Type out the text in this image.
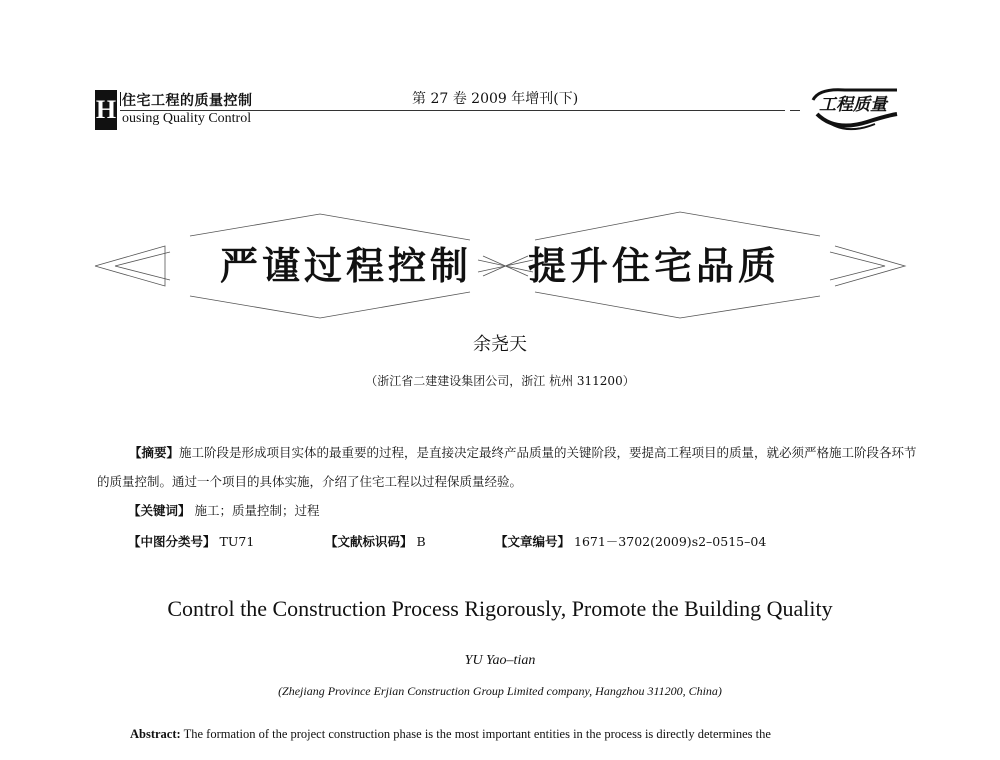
H 住宅工程的质量控制
ousing Quality Control
第 27 卷 2009 年增刊(下)	工程质量
严谨过程控制 提升住宅品质
余尧天
（浙江省二建建设集团公司，浙江 杭州 311200）
【摘要】施工阶段是形成项目实体的最重要的过程，是直接决定最终产品质量的关键阶段，要提高工程项目的质量，就必须严格施工阶段各环节的质量控制。通过一个项目的具体实施，介绍了住宅工程以过程保质量经验。
【关键词】 施工；质量控制；过程
【中图分类号】 TU71	【文献标识码】 B	【文章编号】 1671－3702(2009)s2–0515–04
Control the Construction Process Rigorously, Promote the Building Quality
YU Yao–tian
(Zhejiang Province Erjian Construction Group Limited company, Hangzhou 311200, China)
Abstract: The formation of the project construction phase is the most important entities in the process is directly determines the
